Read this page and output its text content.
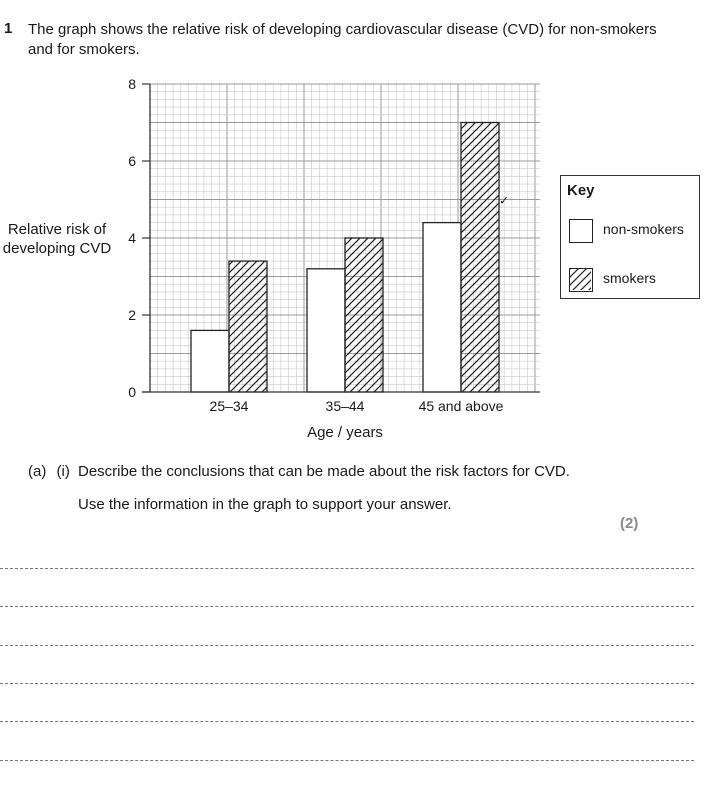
1 The graph shows the relative risk of developing cardiovascular disease (CVD) for non-smokers and for smokers.
25–34	35–44	45 and above
0
2
4
6
8
Age / years
Relative risk of
developing CVD
✓
Key
non-smokers
smokers
(a) (i) Describe the conclusions that can be made about the risk factors for CVD.
Use the information in the graph to support your answer.
(2)
